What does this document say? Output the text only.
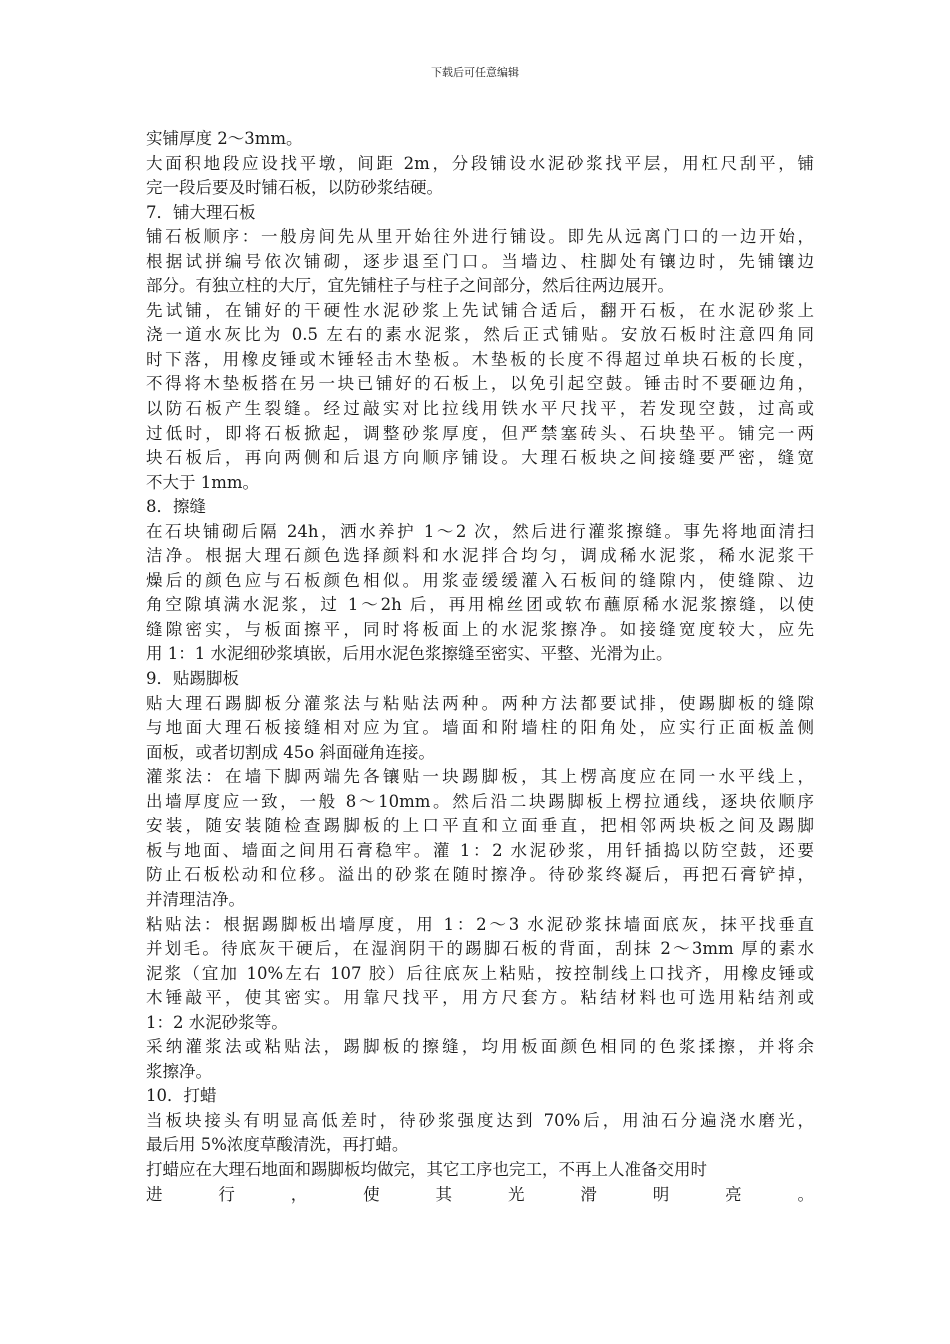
下载后可任意编辑
实铺厚度 2～3mm。
大面积地段应设找平墩，间距 2m，分段铺设水泥砂浆找平层，用杠尺刮平，铺
完一段后要及时铺石板，以防砂浆结硬。
7．铺大理石板
铺石板顺序：一般房间先从里开始往外进行铺设。即先从远离门口的一边开始，
根据试拼编号依次铺砌，逐步退至门口。当墙边、柱脚处有镶边时，先铺镶边
部分。有独立柱的大厅，宜先铺柱子与柱子之间部分，然后往两边展开。
先试铺，在铺好的干硬性水泥砂浆上先试铺合适后，翻开石板，在水泥砂浆上
浇一道水灰比为 0.5 左右的素水泥浆，然后正式铺贴。安放石板时注意四角同
时下落，用橡皮锤或木锤轻击木垫板。木垫板的长度不得超过单块石板的长度，
不得将木垫板搭在另一块已铺好的石板上，以免引起空鼓。锤击时不要砸边角，
以防石板产生裂缝。经过敲实对比拉线用铁水平尺找平，若发现空鼓，过高或
过低时，即将石板掀起，调整砂浆厚度，但严禁塞砖头、石块垫平。铺完一两
块石板后，再向两侧和后退方向顺序铺设。大理石板块之间接缝要严密，缝宽
不大于 1mm。
8．擦缝
在石块铺砌后隔 24h，洒水养护 1～2 次，然后进行灌浆擦缝。事先将地面清扫
洁净。根据大理石颜色选择颜料和水泥拌合均匀，调成稀水泥浆，稀水泥浆干
燥后的颜色应与石板颜色相似。用浆壶缓缓灌入石板间的缝隙内，使缝隙、边
角空隙填满水泥浆，过 1～2h 后，再用棉丝团或软布蘸原稀水泥浆擦缝，以使
缝隙密实，与板面擦平，同时将板面上的水泥浆擦净。如接缝宽度较大，应先
用 1：1 水泥细砂浆填嵌，后用水泥色浆擦缝至密实、平整、光滑为止。
9．贴踢脚板
贴大理石踢脚板分灌浆法与粘贴法两种。两种方法都要试排，使踢脚板的缝隙
与地面大理石板接缝相对应为宜。墙面和附墙柱的阳角处，应实行正面板盖侧
面板，或者切割成 45o 斜面碰角连接。
灌浆法：在墙下脚两端先各镶贴一块踢脚板，其上楞高度应在同一水平线上，
出墙厚度应一致，一般 8～10mm。然后沿二块踢脚板上楞拉通线，逐块依顺序
安装，随安装随检查踢脚板的上口平直和立面垂直，把相邻两块板之间及踢脚
板与地面、墙面之间用石膏稳牢。灌 1：2 水泥砂浆，用钎插捣以防空鼓，还要
防止石板松动和位移。溢出的砂浆在随时擦净。待砂浆终凝后，再把石膏铲掉，
并清理洁净。
粘贴法：根据踢脚板出墙厚度，用 1：2～3 水泥砂浆抹墙面底灰，抹平找垂直
并划毛。待底灰干硬后，在湿润阴干的踢脚石板的背面，刮抹 2～3mm 厚的素水
泥浆（宜加 10%左右 107 胶）后往底灰上粘贴，按控制线上口找齐，用橡皮锤或
木锤敲平，使其密实。用靠尺找平，用方尺套方。粘结材料也可选用粘结剂或
1：2 水泥砂浆等。
采纳灌浆法或粘贴法，踢脚板的擦缝，均用板面颜色相同的色浆揉擦，并将余
浆擦净。
10．打蜡
当板块接头有明显高低差时，待砂浆强度达到 70%后，用油石分遍浇水磨光，
最后用 5%浓度草酸清洗，再打蜡。
打蜡应在大理石地面和踢脚板均做完，其它工序也完工，不再上人准备交用时
进行，使其光滑明亮。
